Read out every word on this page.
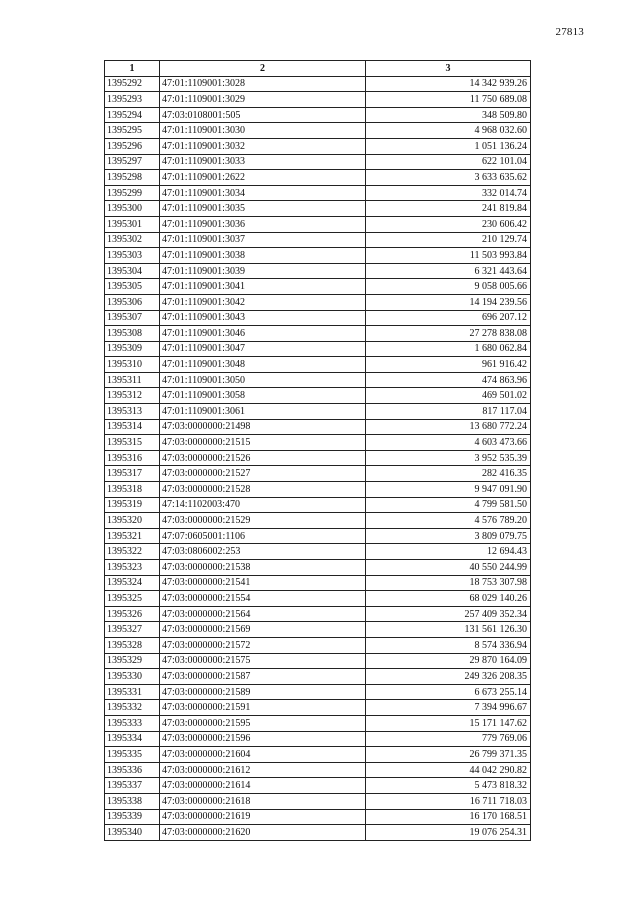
27813
1	2	3
1395292	47:01:1109001:3028	14 342 939.26
1395293	47:01:1109001:3029	11 750 689.08
1395294	47:03:0108001:505	348 509.80
1395295	47:01:1109001:3030	4 968 032.60
1395296	47:01:1109001:3032	1 051 136.24
1395297	47:01:1109001:3033	622 101.04
1395298	47:01:1109001:2622	3 633 635.62
1395299	47:01:1109001:3034	332 014.74
1395300	47:01:1109001:3035	241 819.84
1395301	47:01:1109001:3036	230 606.42
1395302	47:01:1109001:3037	210 129.74
1395303	47:01:1109001:3038	11 503 993.84
1395304	47:01:1109001:3039	6 321 443.64
1395305	47:01:1109001:3041	9 058 005.66
1395306	47:01:1109001:3042	14 194 239.56
1395307	47:01:1109001:3043	696 207.12
1395308	47:01:1109001:3046	27 278 838.08
1395309	47:01:1109001:3047	1 680 062.84
1395310	47:01:1109001:3048	961 916.42
1395311	47:01:1109001:3050	474 863.96
1395312	47:01:1109001:3058	469 501.02
1395313	47:01:1109001:3061	817 117.04
1395314	47:03:0000000:21498	13 680 772.24
1395315	47:03:0000000:21515	4 603 473.66
1395316	47:03:0000000:21526	3 952 535.39
1395317	47:03:0000000:21527	282 416.35
1395318	47:03:0000000:21528	9 947 091.90
1395319	47:14:1102003:470	4 799 581.50
1395320	47:03:0000000:21529	4 576 789.20
1395321	47:07:0605001:1106	3 809 079.75
1395322	47:03:0806002:253	12 694.43
1395323	47:03:0000000:21538	40 550 244.99
1395324	47:03:0000000:21541	18 753 307.98
1395325	47:03:0000000:21554	68 029 140.26
1395326	47:03:0000000:21564	257 409 352.34
1395327	47:03:0000000:21569	131 561 126.30
1395328	47:03:0000000:21572	8 574 336.94
1395329	47:03:0000000:21575	29 870 164.09
1395330	47:03:0000000:21587	249 326 208.35
1395331	47:03:0000000:21589	6 673 255.14
1395332	47:03:0000000:21591	7 394 996.67
1395333	47:03:0000000:21595	15 171 147.62
1395334	47:03:0000000:21596	779 769.06
1395335	47:03:0000000:21604	26 799 371.35
1395336	47:03:0000000:21612	44 042 290.82
1395337	47:03:0000000:21614	5 473 818.32
1395338	47:03:0000000:21618	16 711 718.03
1395339	47:03:0000000:21619	16 170 168.51
1395340	47:03:0000000:21620	19 076 254.31
